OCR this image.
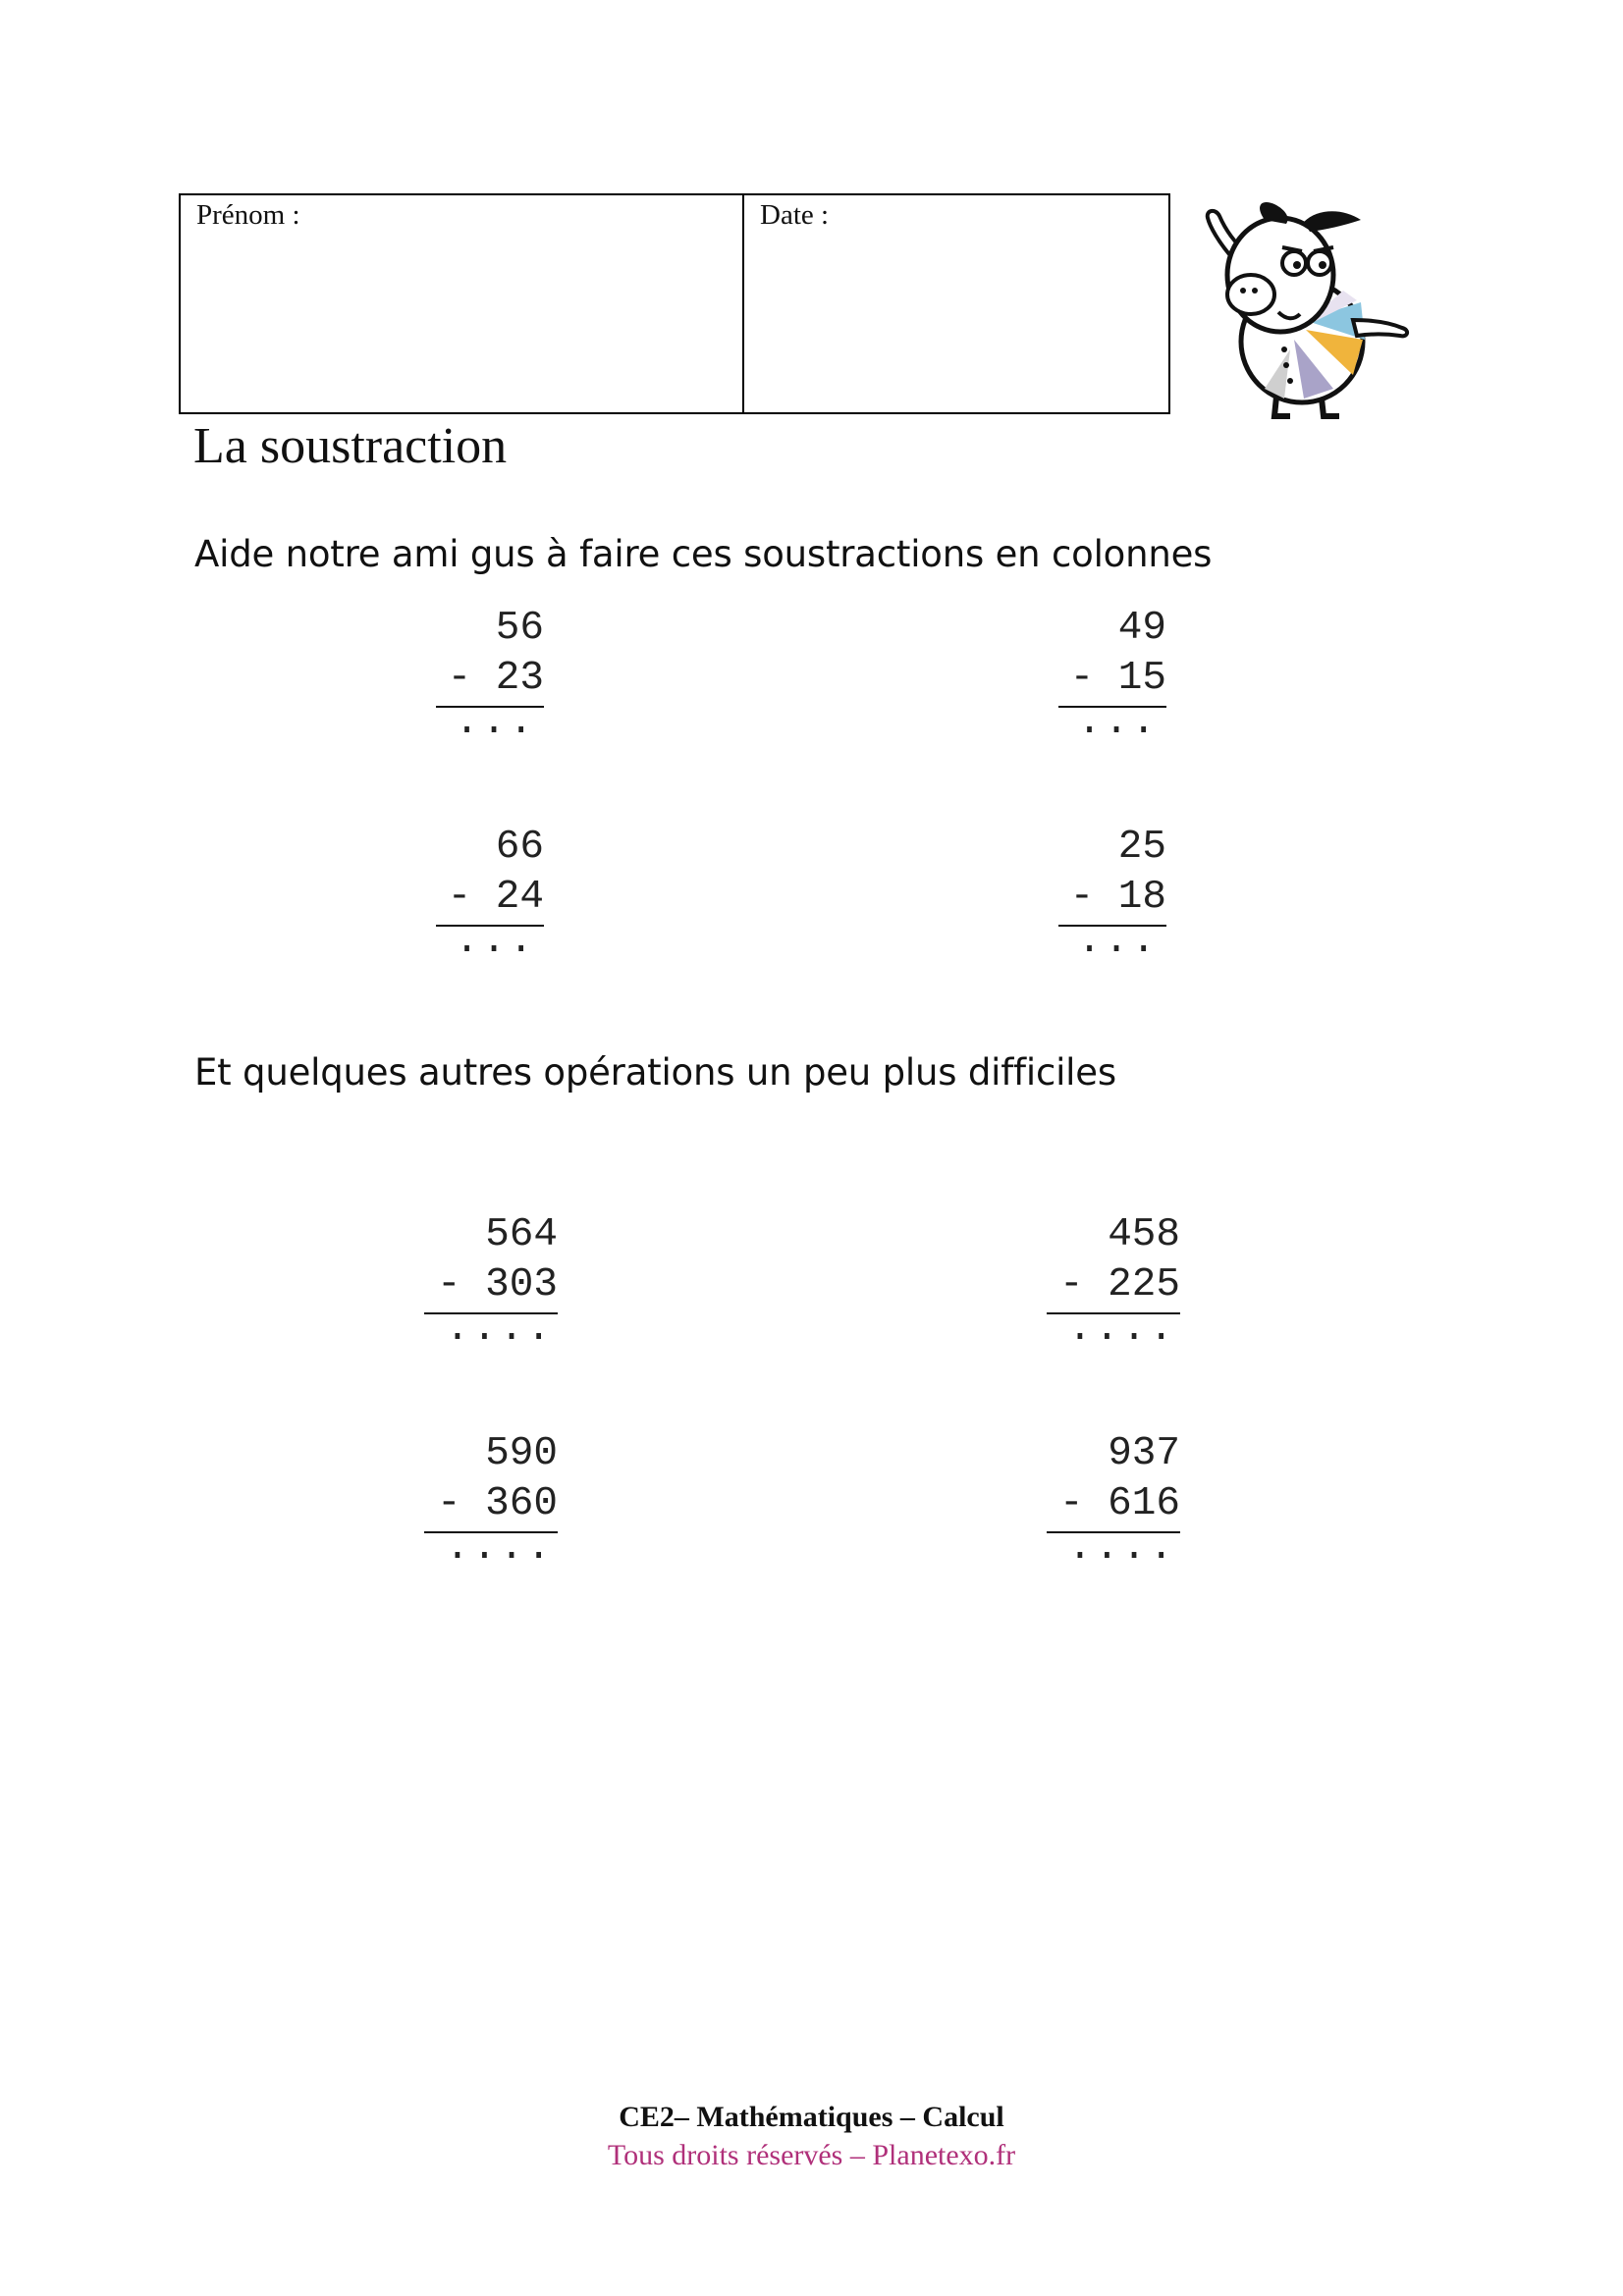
Prénom :	Date :
La soustraction
Aide notre ami gus à faire ces soustractions en colonnes
56
- 23
...
49
- 15
...
66
- 24
...
25
- 18
...
Et quelques autres opérations un peu plus difficiles
564
- 303
....
458
- 225
....
590
- 360
....
937
- 616
....
CE2– Mathématiques – Calcul
Tous droits réservés – Planetexo.fr
